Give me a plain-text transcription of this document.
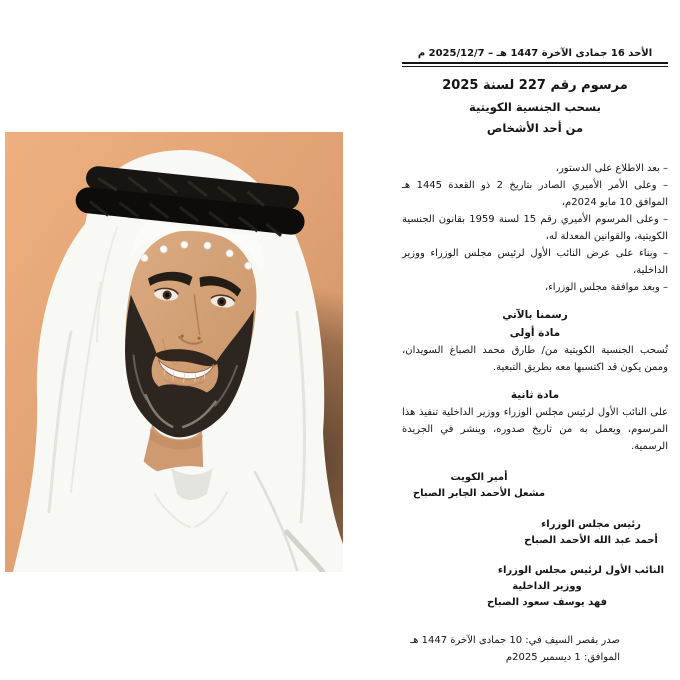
الأحد 16 جمادى الآخرة 1447 هـ – 2025/12/7 م
مرسوم رقم 227 لسنة 2025
بسحب الجنسية الكويتية
من أحد الأشخاص
– بعد الاطلاع على الدستور،
– وعلى الأمر الأميري الصادر بتاريخ 2 ذو القعدة 1445 هـ الموافق 10 مايو 2024م،
– وعلى المرسوم الأميري رقم 15 لسنة 1959 بقانون الجنسية الكويتية، والقوانين المعدلة له،
– وبناء على عرض النائب الأول لرئيس مجلس الوزراء ووزير الداخلية،
– وبعد موافقة مجلس الوزراء،
رسمنا بالآتي
مادة أولى
تُسحب الجنسية الكويتية من/ طارق محمد الصباغ السويدان، وممن يكون قد اكتسبها معه بطريق التبعية.
مادة ثانية
على النائب الأول لرئيس مجلس الوزراء ووزير الداخلية تنفيذ هذا المرسوم، ويعمل به من تاريخ صدوره، وينشر في الجريدة الرسمية.
أمير الكويت
مشعل الأحمد الجابر الصباح
رئيس مجلس الوزراء
أحمد عبد الله الأحمد الصباح
النائب الأول لرئيس مجلس الوزراء
ووزير الداخلية
فهد يوسف سعود الصباح
صدر بقصر السيف في: 10 جمادى الآخرة 1447 هـ
الموافق: 1 ديسمبر 2025م
